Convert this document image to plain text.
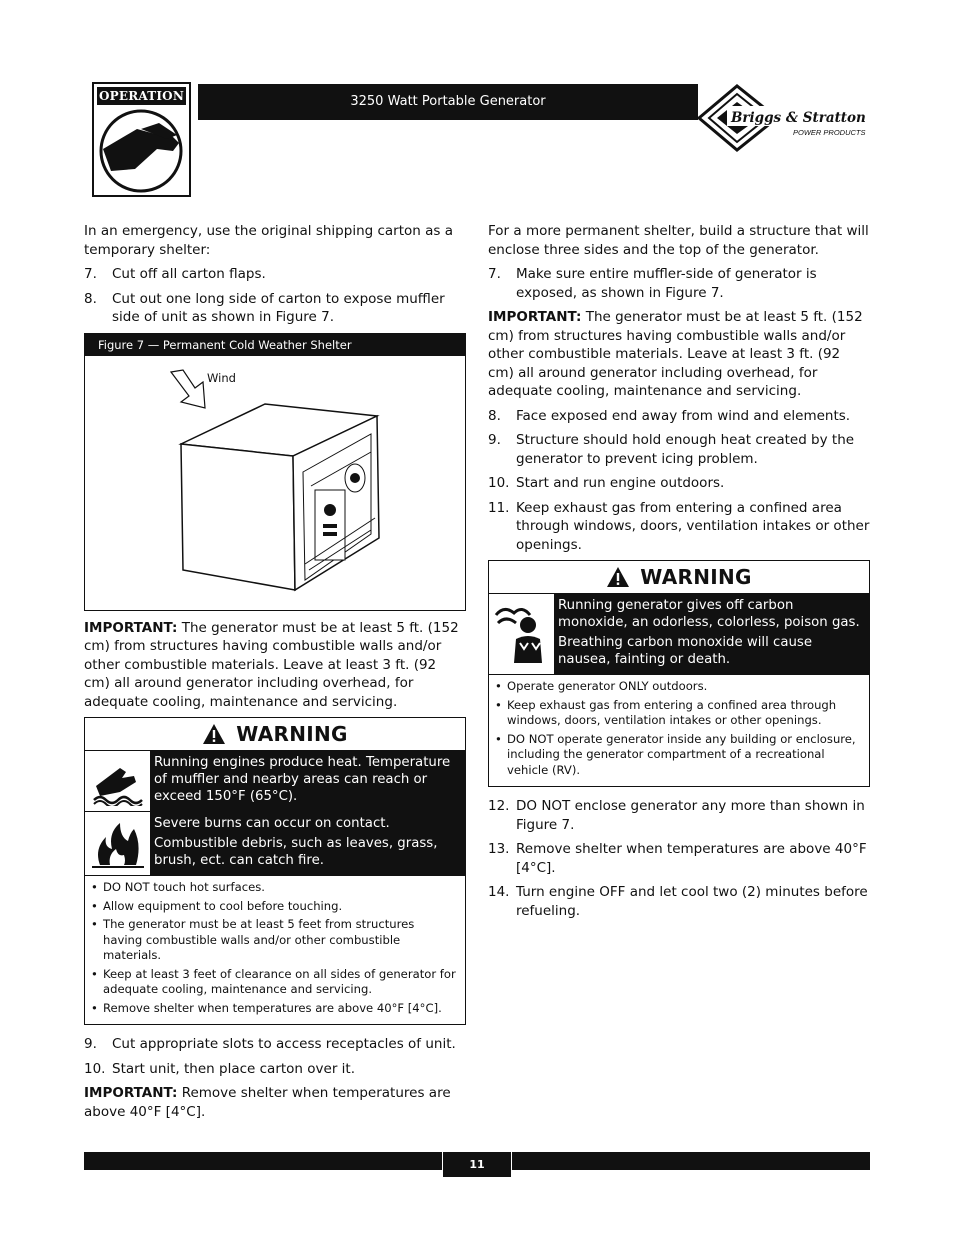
OPERATION	3250 Watt Portable Generator
Briggs & Stratton
POWER PRODUCTS

In an emergency, use the original shipping carton as a temporary shelter:

7. Cut off all carton flaps.
8. Cut out one long side of carton to expose muffler side of unit as shown in Figure 7.
Figure 7 — Permanent Cold Weather Shelter
Wind

IMPORTANT: The generator must be at least 5 ft. (152 cm) from structures having combustible walls and/or other combustible materials. Leave at least 3 ft. (92 cm) all around generator including overhead, for adequate cooling, maintenance and servicing.

WARNING

Running engines produce heat. Temperature of muffler and nearby areas can reach or exceed 150°F (65°C).

Severe burns can occur on contact.

Combustible debris, such as leaves, grass, brush, ect. can catch fire.

• DO NOT touch hot surfaces.
• Allow equipment to cool before touching.
• The generator must be at least 5 feet from structures having combustible walls and/or other combustible materials.
• Keep at least 3 feet of clearance on all sides of generator for adequate cooling, maintenance and servicing.
• Remove shelter when temperatures are above 40°F [4°C].
9. Cut appropriate slots to access receptacles of unit.
10. Start unit, then place carton over it.

IMPORTANT: Remove shelter when temperatures are above 40°F [4°C].

For a more permanent shelter, build a structure that will enclose three sides and the top of the generator.

7. Make sure entire muffler-side of generator is exposed, as shown in Figure 7.

IMPORTANT: The generator must be at least 5 ft. (152 cm) from structures having combustible walls and/or other combustible materials. Leave at least 3 ft. (92 cm) all around generator including overhead, for adequate cooling, maintenance and servicing.

8. Face exposed end away from wind and elements.
9. Structure should hold enough heat created by the generator to prevent icing problem.
10. Start and run engine outdoors.
11. Keep exhaust gas from entering a confined area through windows, doors, ventilation intakes or other openings.
WARNING

Running generator gives off carbon monoxide, an odorless, colorless, poison gas.

Breathing carbon monoxide will cause nausea, fainting or death.

• Operate generator ONLY outdoors.
• Keep exhaust gas from entering a confined area through windows, doors, ventilation intakes or other openings.
• DO NOT operate generator inside any building or enclosure, including the generator compartment of a recreational vehicle (RV).
12. DO NOT enclose generator any more than shown in Figure 7.
13. Remove shelter when temperatures are above 40°F [4°C].
14. Turn engine OFF and let cool two (2) minutes before refueling.
11
